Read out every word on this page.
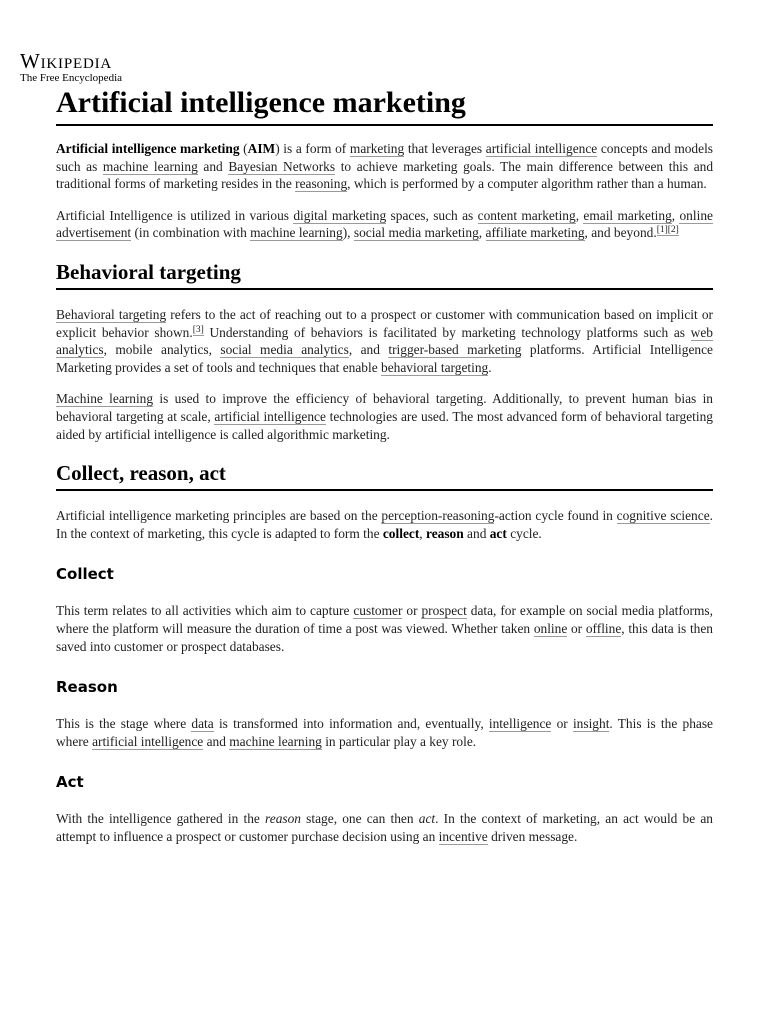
Wikipedia
The Free Encyclopedia
Artificial intelligence marketing

Artificial intelligence marketing (AIM) is a form of marketing that leverages artificial intelligence concepts and models such as machine learning and Bayesian Networks to achieve marketing goals. The main difference between this and traditional forms of marketing resides in the reasoning, which is performed by a computer algorithm rather than a human.

Artificial Intelligence is utilized in various digital marketing spaces, such as content marketing, email marketing, online advertisement (in combination with machine learning), social media marketing, affiliate marketing, and beyond.[1][2]

Behavioral targeting

Behavioral targeting refers to the act of reaching out to a prospect or customer with communication based on implicit or explicit behavior shown.[3] Understanding of behaviors is facilitated by marketing technology platforms such as web analytics, mobile analytics, social media analytics, and trigger-based marketing platforms. Artificial Intelligence Marketing provides a set of tools and techniques that enable behavioral targeting.

Machine learning is used to improve the efficiency of behavioral targeting. Additionally, to prevent human bias in behavioral targeting at scale, artificial intelligence technologies are used. The most advanced form of behavioral targeting aided by artificial intelligence is called algorithmic marketing.

Collect, reason, act

Artificial intelligence marketing principles are based on the perception-reasoning-action cycle found in cognitive science. In the context of marketing, this cycle is adapted to form the collect, reason and act cycle.

Collect

This term relates to all activities which aim to capture customer or prospect data, for example on social media platforms, where the platform will measure the duration of time a post was viewed. Whether taken online or offline, this data is then saved into customer or prospect databases.

Reason

This is the stage where data is transformed into information and, eventually, intelligence or insight. This is the phase where artificial intelligence and machine learning in particular play a key role.

Act

With the intelligence gathered in the reason stage, one can then act. In the context of marketing, an act would be an attempt to influence a prospect or customer purchase decision using an incentive driven message.
